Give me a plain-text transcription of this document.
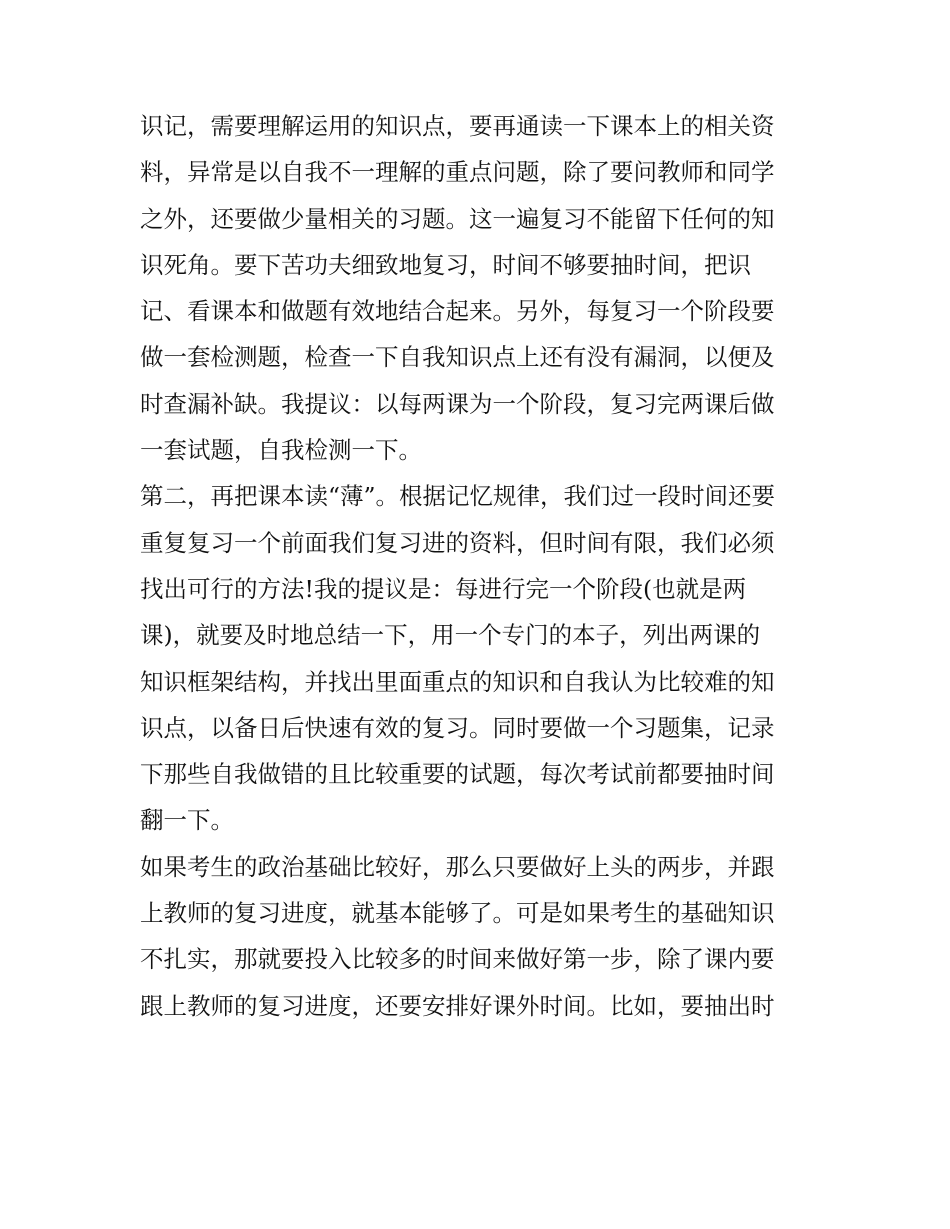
识记，需要理解运用的知识点，要再通读一下课本上的相关资
料，异常是以自我不一理解的重点问题，除了要问教师和同学
之外，还要做少量相关的习题。这一遍复习不能留下任何的知
识死角。要下苦功夫细致地复习，时间不够要抽时间，把识
记、看课本和做题有效地结合起来。另外，每复习一个阶段要
做一套检测题，检查一下自我知识点上还有没有漏洞，以便及
时查漏补缺。我提议：以每两课为一个阶段，复习完两课后做
一套试题，自我检测一下。
第二，再把课本读“薄”。根据记忆规律，我们过一段时间还要
重复复习一个前面我们复习进的资料，但时间有限，我们必须
找出可行的方法!我的提议是：每进行完一个阶段(也就是两
课)，就要及时地总结一下，用一个专门的本子，列出两课的
知识框架结构，并找出里面重点的知识和自我认为比较难的知
识点，以备日后快速有效的复习。同时要做一个习题集，记录
下那些自我做错的且比较重要的试题，每次考试前都要抽时间
翻一下。
如果考生的政治基础比较好，那么只要做好上头的两步，并跟
上教师的复习进度，就基本能够了。可是如果考生的基础知识
不扎实，那就要投入比较多的时间来做好第一步，除了课内要
跟上教师的复习进度，还要安排好课外时间。比如，要抽出时
